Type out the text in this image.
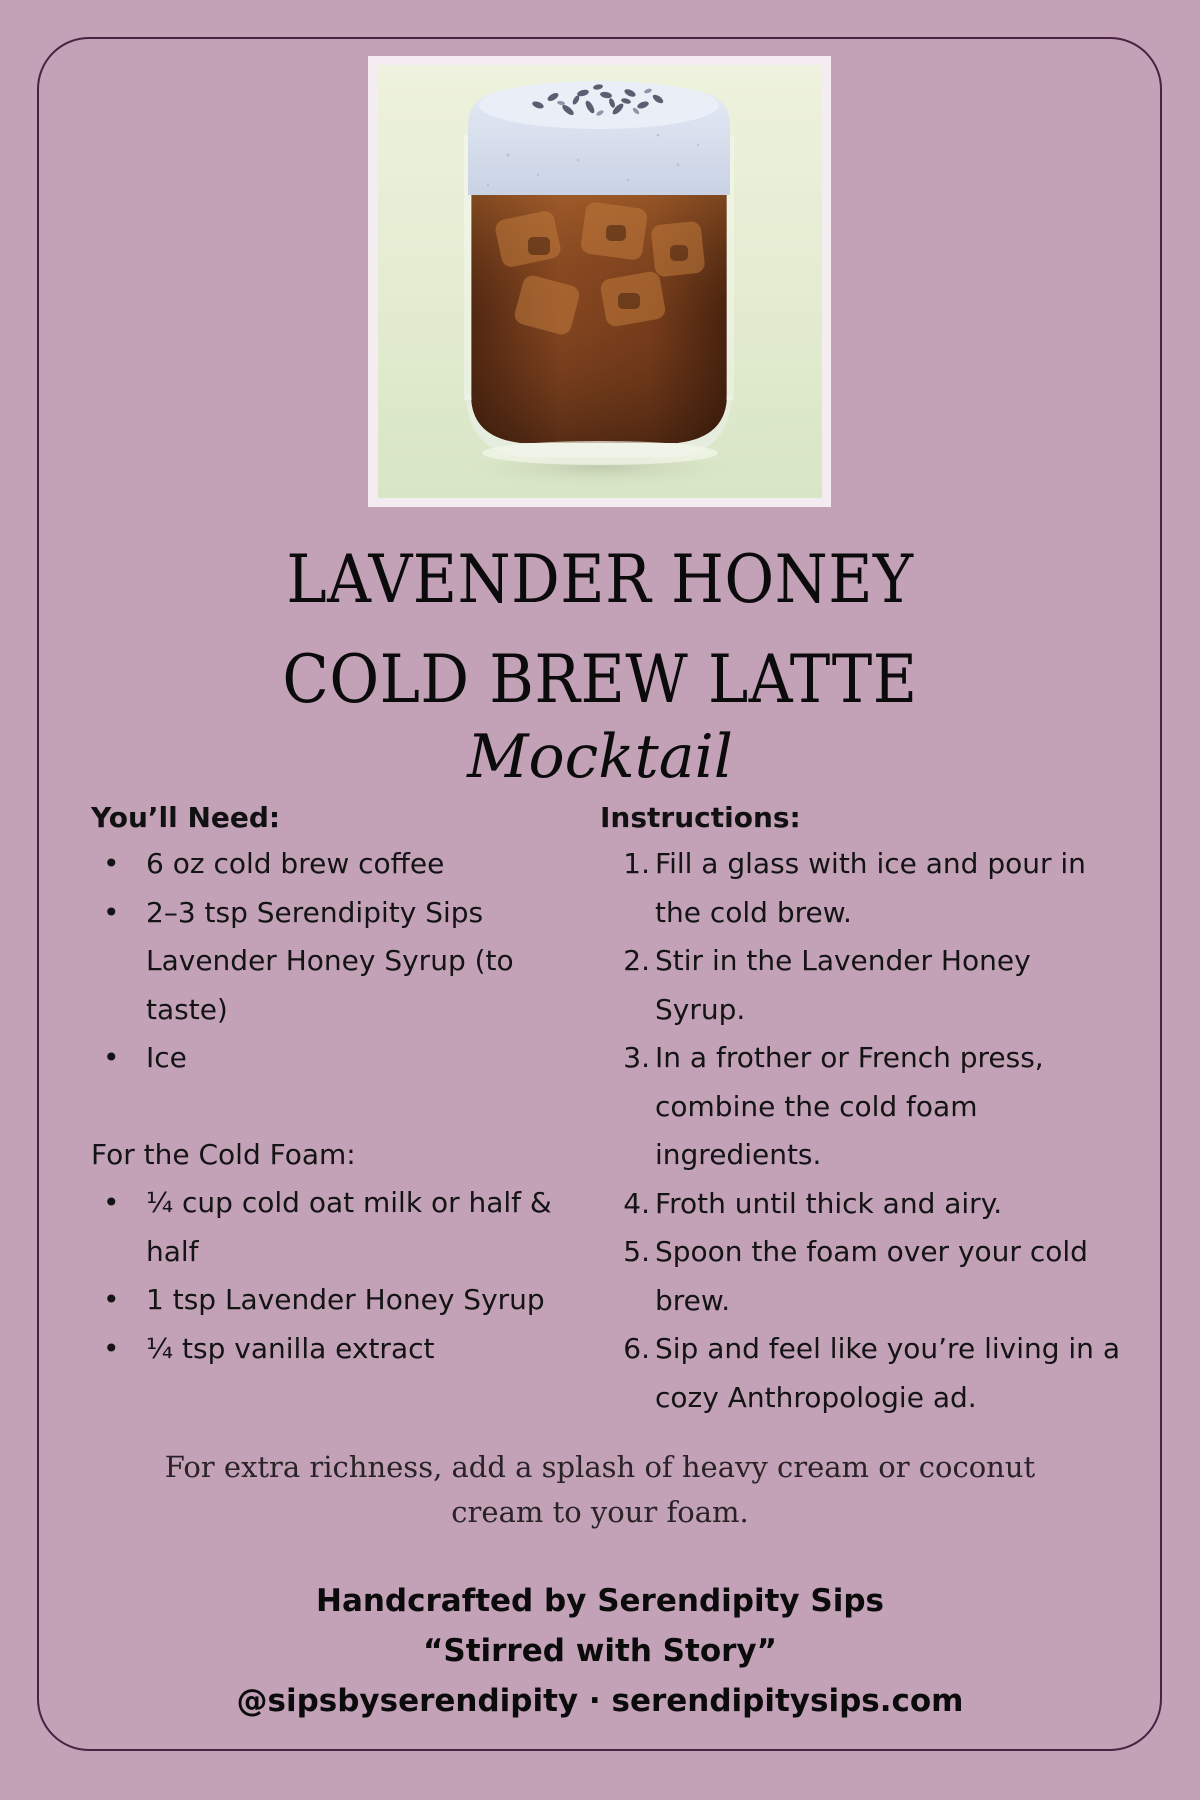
LAVENDER HONEY
COLD BREW LATTE
Mocktail

You’ll Need:

• 6 oz cold brew coffee
• 2–3 tsp Serendipity Sips Lavender Honey Syrup (to taste)
• Ice

For the Cold Foam:

• ¼ cup cold oat milk or half & half
• 1 tsp Lavender Honey Syrup
• ¼ tsp vanilla extract

Instructions:

1. Fill a glass with ice and pour in the cold brew.
2. Stir in the Lavender Honey Syrup.
3. In a frother or French press, combine the cold foam ingredients.
4. Froth until thick and airy.
5. Spoon the foam over your cold brew.
6. Sip and feel like you’re living in a cozy Anthropologie ad.
For extra richness, add a splash of heavy cream or coconut cream to your foam.
Handcrafted by Serendipity Sips
“Stirred with Story”
@sipsbyserendipity · serendipitysips.com
